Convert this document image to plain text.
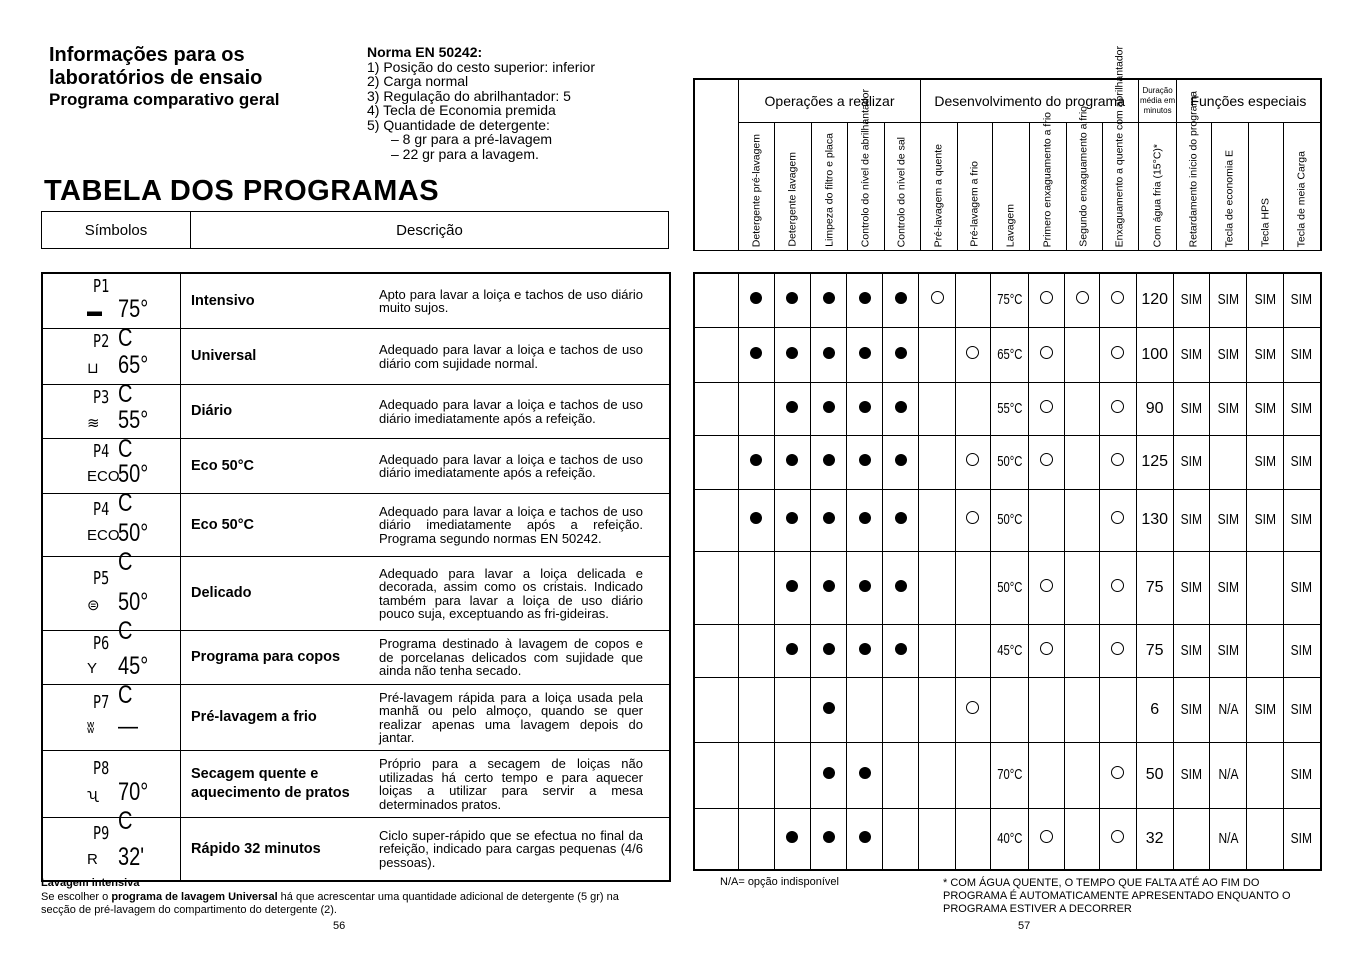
Informações para os laboratórios de ensaio
Programa comparativo geral
Norma EN 50242:
1) Posição do cesto superior: inferior
2) Carga normal
3) Regulação do abrilhantador: 5
4) Tecla de Economia premida
5) Quantidade de detergente:
– 8 gr para a pré-lavagem
– 22 gr para a lavagem.
TABELA DOS PROGRAMAS
Símbolos	Descrição
P1
▬ 75° C	Intensivo	Apto para lavar a loiça e tachos de uso diário muito sujos.

P2
⊔ 65° C	Universal	Adequado para lavar a loiça e tachos de uso diário com sujidade normal.

P3
≋ 55° C	Diário	Adequado para lavar a loiça e tachos de uso diário imediatamente após a refeição.

P4
ECO
50° C	Eco 50°C	Adequado para lavar a loiça e tachos de uso diário imediatamente após a refeição.

P4
ECO
50° C	Eco 50°C	Adequado para lavar a loiça e tachos de uso diário imediatamente após a refeição. Programa segundo normas EN 50242.

P5
⊜ 50° C	Delicado	Adequado para lavar a loiça delicada e decorada, assim como os cristais. Indicado também para lavar a loiça de uso diário pouco suja, exceptuando as fri-gideiras.

P6
Y 45° C	Programa para copos	Programa destinado à lavagem de copos e de porcelanas delicados com sujidade que ainda não tenha secado.

P7
ʬ —	Pré-lavagem a frio	Pré-lavagem rápida para a loiça usada pela manhã ou pelo almoço, quando se quer realizar apenas uma lavagem depois do jantar.

P8
ʯ 70° C	Secagem quente e aquecimento de pratos	Próprio para a secagem de loiças não utilizadas há certo tempo e para aquecer loiças a utilizar para servir a mesa determinados pratos.

P9
R 32'	Rápido 32 minutos	Ciclo super-rápido que se efectua no final da refeição, indicado para cargas pequenas (4/6 pessoas).
	Operações a realizar					Desenvolvimento do programa						Duração média em minutos	Funções especiais			

	Detergente pré-lavagem	Detergente lavagem	Limpeza do filtro e placa	Controlo do nível de abrilhantador	Controlo do nível de sal	Pré-lavagem a quente	Pré-lavagem a frio	Lavagem	Primero enxaguamento a frio	Segundo enxaguamento a frio	Enxaguamento a quente com abrilhantador	Com água fria (15°C)*	Retardamento início do programa	Tecla de economia E	Tecla HPS	Tecla de meia Carga
								75°C				120	SIM	SIM	SIM	SIM
								65°C				100	SIM	SIM	SIM	SIM
								55°C				90	SIM	SIM	SIM	SIM
								50°C				125	SIM		SIM	SIM
								50°C				130	SIM	SIM	SIM	SIM
								50°C				75	SIM	SIM		SIM
								45°C				75	SIM	SIM		SIM
												6	SIM	N/A	SIM	SIM
								70°C				50	SIM	N/A		SIM
								40°C				32		N/A		SIM
Lavagem intensiva
Se escolher o programa de lavagem Universal há que acrescentar uma quantidade adicional de detergente (5 gr) na secção de pré-lavagem do compartimento do detergente (2).
56	57
N/A= opção indisponível	* COM ÁGUA QUENTE, O TEMPO QUE FALTA ATÉ AO FIM DO PROGRAMA É AUTOMATICAMENTE APRESENTADO ENQUANTO O PROGRAMA ESTIVER A DECORRER
